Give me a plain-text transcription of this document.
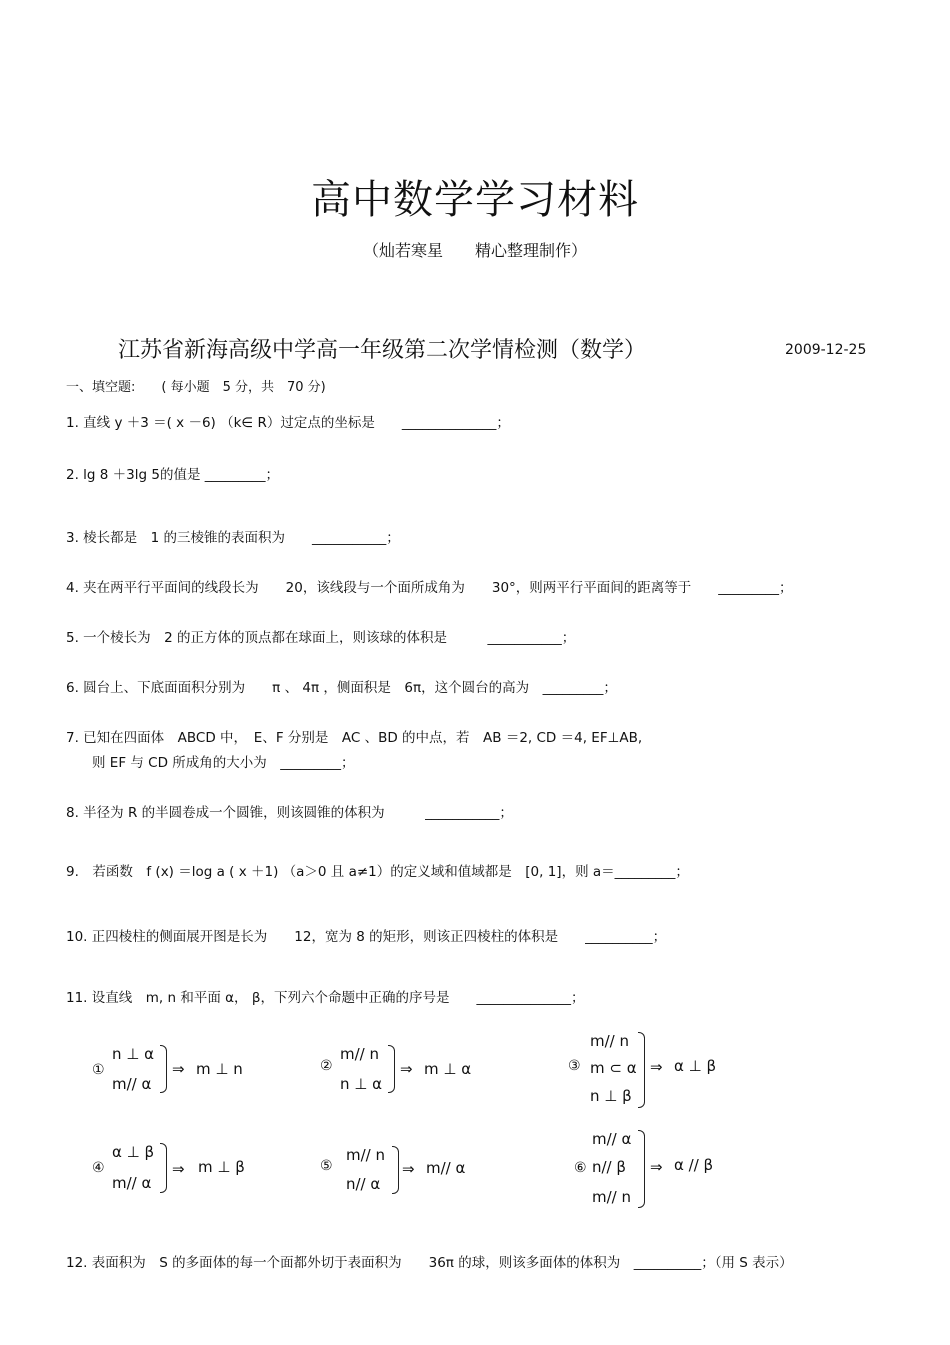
高中数学学习材料
（灿若寒星　　精心整理制作）
江苏省新海高级中学高一年级第二次学情检测（数学）	2009-12-25
一、填空题:　　( 每小题　5 分，共　70 分)
1. 直线 y ＋3 ＝( x －6) （k∈ R）过定点的坐标是　　______________；
2. lg 8 ＋3lg 5的值是 _________；
3. 棱长都是　1 的三棱锥的表面积为　　___________；
4. 夹在两平行平面间的线段长为　　20，该线段与一个面所成角为　　30°，则两平行平面间的距离等于　　_________；
5. 一个棱长为　2 的正方体的顶点都在球面上，则该球的体积是　　　___________；
6. 圆台上、下底面面积分别为　　π 、 4π ，侧面积是　6π，这个圆台的高为　_________；
7. 已知在四面体　ABCD 中，　E、F 分别是　AC 、BD 的中点，若　AB ＝2, CD ＝4, EF⊥AB,
则 EF 与 CD 所成角的大小为　_________；
8. 半径为 R 的半圆卷成一个圆锥，则该圆锥的体积为　　　___________；
9.　若函数　f (x) ＝log a ( x ＋1) （a＞0 且 a≠1）的定义域和值域都是　[0, 1]，则 a＝_________；
10. 正四棱柱的侧面展开图是长为　　12，宽为 8 的矩形，则该正四棱柱的体积是　　__________；
11. 设直线　m, n 和平面 α， β，下列六个命题中正确的序号是　　______________；
①
n ⊥ α
m// α
⇒ m ⊥ n	②
m// n
n ⊥ α
⇒ m ⊥ α	③
m// n
m ⊂ α
n ⊥ β
⇒ α ⊥ β
④
α ⊥ β
m// α
⇒ m ⊥ β	⑤
m// n
n// α
⇒ m// α	⑥
m// α
n// β
m// n
⇒ α // β
12. 表面积为　S 的多面体的每一个面都外切于表面积为　　36π 的球，则该多面体的体积为　__________；（用 S 表示）
